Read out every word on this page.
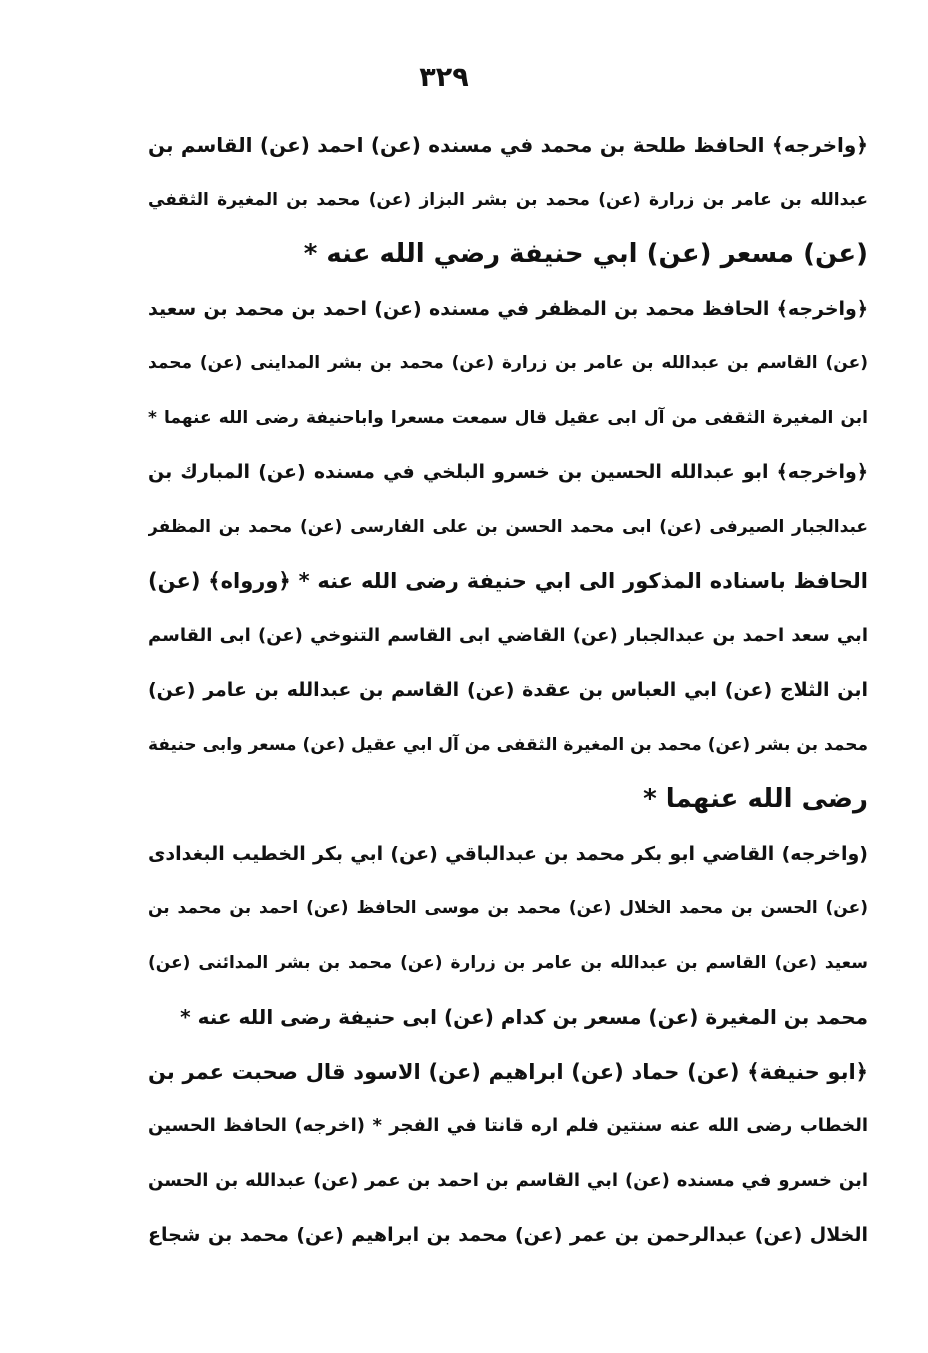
٣٢٩
﴿واخرجه﴾ الحافظ طلحة بن محمد في مسنده (عن) احمد (عن) القاسم بن
عبدالله بن عامر بن زرارة (عن) محمد بن بشر البزاز (عن) محمد بن المغيرة الثقفي
(عن) مسعر (عن) ابي حنيفة رضي الله عنه *
﴿واخرجه﴾ الحافظ محمد بن المظفر في مسنده (عن) احمد بن محمد بن سعيد
(عن) القاسم بن عبدالله بن عامر بن زرارة (عن) محمد بن بشر المداينى (عن) محمد
ابن المغيرة الثقفى من آل ابى عقيل قال سمعت مسعرا واباحنيفة رضى الله عنهما *
﴿واخرجه﴾ ابو عبدالله الحسين بن خسرو البلخي في مسنده (عن) المبارك بن
عبدالجبار الصيرفى (عن) ابى محمد الحسن بن على الفارسى (عن) محمد بن المظفر
الحافظ باسناده المذكور الى ابي حنيفة رضى الله عنه * ﴿ورواه﴾ (عن)
ابي سعد احمد بن عبدالجبار (عن) القاضي ابى القاسم التنوخي (عن) ابى القاسم
ابن الثلاج (عن) ابي العباس بن عقدة (عن) القاسم بن عبدالله بن عامر (عن)
محمد بن بشر (عن) محمد بن المغيرة الثقفى من آل ابي عقيل (عن) مسعر وابى حنيفة
رضى الله عنهما *
(واخرجه) القاضي ابو بكر محمد بن عبدالباقي (عن) ابي بكر الخطيب البغدادى
(عن) الحسن بن محمد الخلال (عن) محمد بن موسى الحافظ (عن) احمد بن محمد بن
سعيد (عن) القاسم بن عبدالله بن عامر بن زرارة (عن) محمد بن بشر المدائنى (عن)
محمد بن المغيرة (عن) مسعر بن كدام (عن) ابى حنيفة رضى الله عنه *
﴿ابو حنيفة﴾ (عن) حماد (عن) ابراهيم (عن) الاسود قال صحبت عمر بن
الخطاب رضى الله عنه سنتين فلم اره قانتا في الفجر * (اخرجه) الحافظ الحسين
ابن خسرو في مسنده (عن) ابي القاسم بن احمد بن عمر (عن) عبدالله بن الحسن
الخلال (عن) عبدالرحمن بن عمر (عن) محمد بن ابراهيم (عن) محمد بن شجاع
